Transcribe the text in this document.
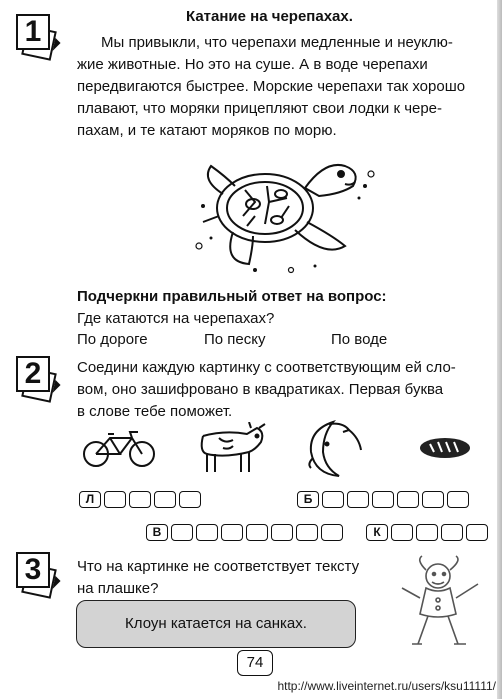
1	Катание на черепахах.
Мы привыкли, что черепахи медленные и неуклю-
жие животные. Но это на суше. А в воде черепахи
передвигаются быстрее. Морские черепахи так хорошо
плавают, что моряки прицепляют свои лодки к чере-
пахам, и те катают моряков по морю.
Подчеркни правильный ответ на вопрос:
Где катаются на черепахах?
По дороге	По песку	По воде
2	Соедини каждую картинку с соответствующим ей сло-
вом, оно зашифровано в квадратиках. Первая буква
в слове тебе поможет.
Л	Б
В	К
3	Что на картинке не соответствует тексту
на плашке?
Клоун катается на санках.
74
http://www.liveinternet.ru/users/ksu11111/
